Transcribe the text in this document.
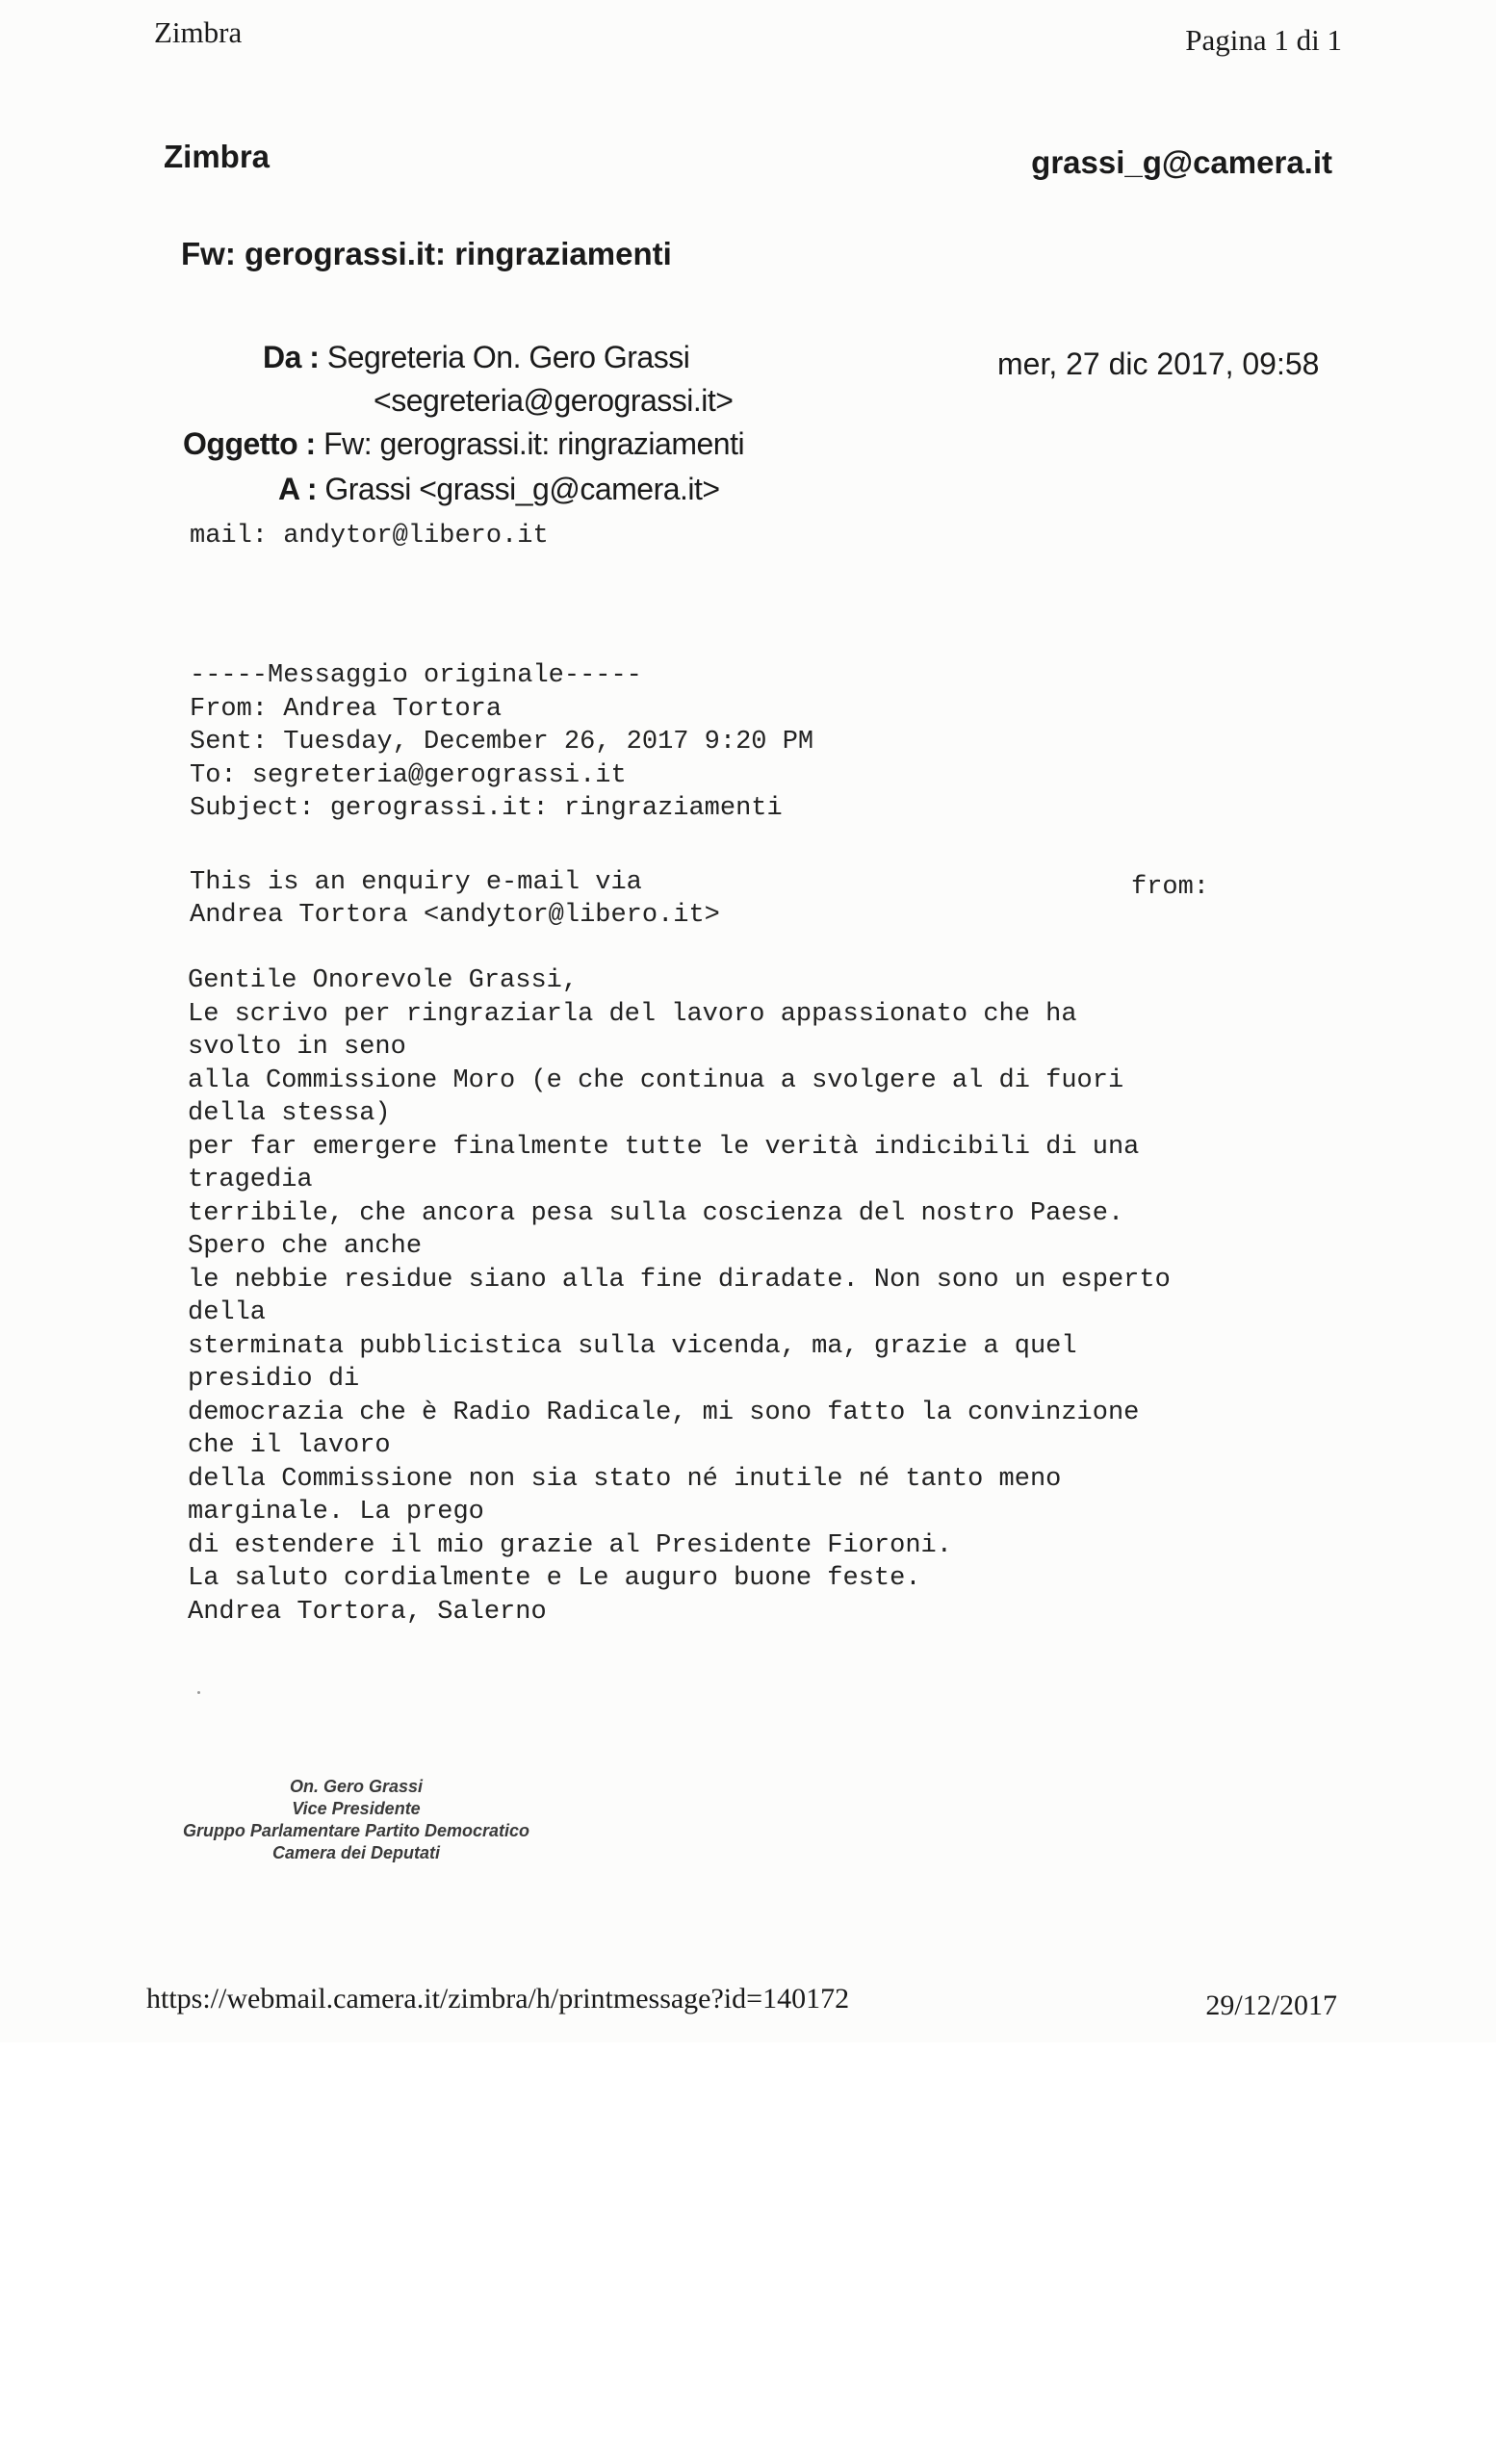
Zimbra	Pagina 1 di 1
Zimbra	grassi_g@camera.it
Fw: gerograssi.it: ringraziamenti
Da : Segreteria On. Gero Grassi
<segreteria@gerograssi.it>
mer, 27 dic 2017, 09:58
Oggetto : Fw: gerograssi.it: ringraziamenti
A : Grassi <grassi_g@camera.it>
mail: andytor@libero.it
-----Messaggio originale-----
From: Andrea Tortora
Sent: Tuesday, December 26, 2017 9:20 PM
To: segreteria@gerograssi.it
Subject: gerograssi.it: ringraziamenti
This is an enquiry e-mail via	from:
Andrea Tortora <andytor@libero.it>
Gentile Onorevole Grassi,
Le scrivo per ringraziarla del lavoro appassionato che ha
svolto in seno
alla Commissione Moro (e che continua a svolgere al di fuori
della stessa)
per far emergere finalmente tutte le verità indicibili di una
tragedia
terribile, che ancora pesa sulla coscienza del nostro Paese.
Spero che anche
le nebbie residue siano alla fine diradate. Non sono un esperto
della
sterminata pubblicistica sulla vicenda, ma, grazie a quel
presidio di
democrazia che è Radio Radicale, mi sono fatto la convinzione
che il lavoro
della Commissione non sia stato né inutile né tanto meno
marginale. La prego
di estendere il mio grazie al Presidente Fioroni.
La saluto cordialmente e Le auguro buone feste.
Andrea Tortora, Salerno
On. Gero Grassi
Vice Presidente
Gruppo Parlamentare Partito Democratico
Camera dei Deputati
https://webmail.camera.it/zimbra/h/printmessage?id=140172	29/12/2017
